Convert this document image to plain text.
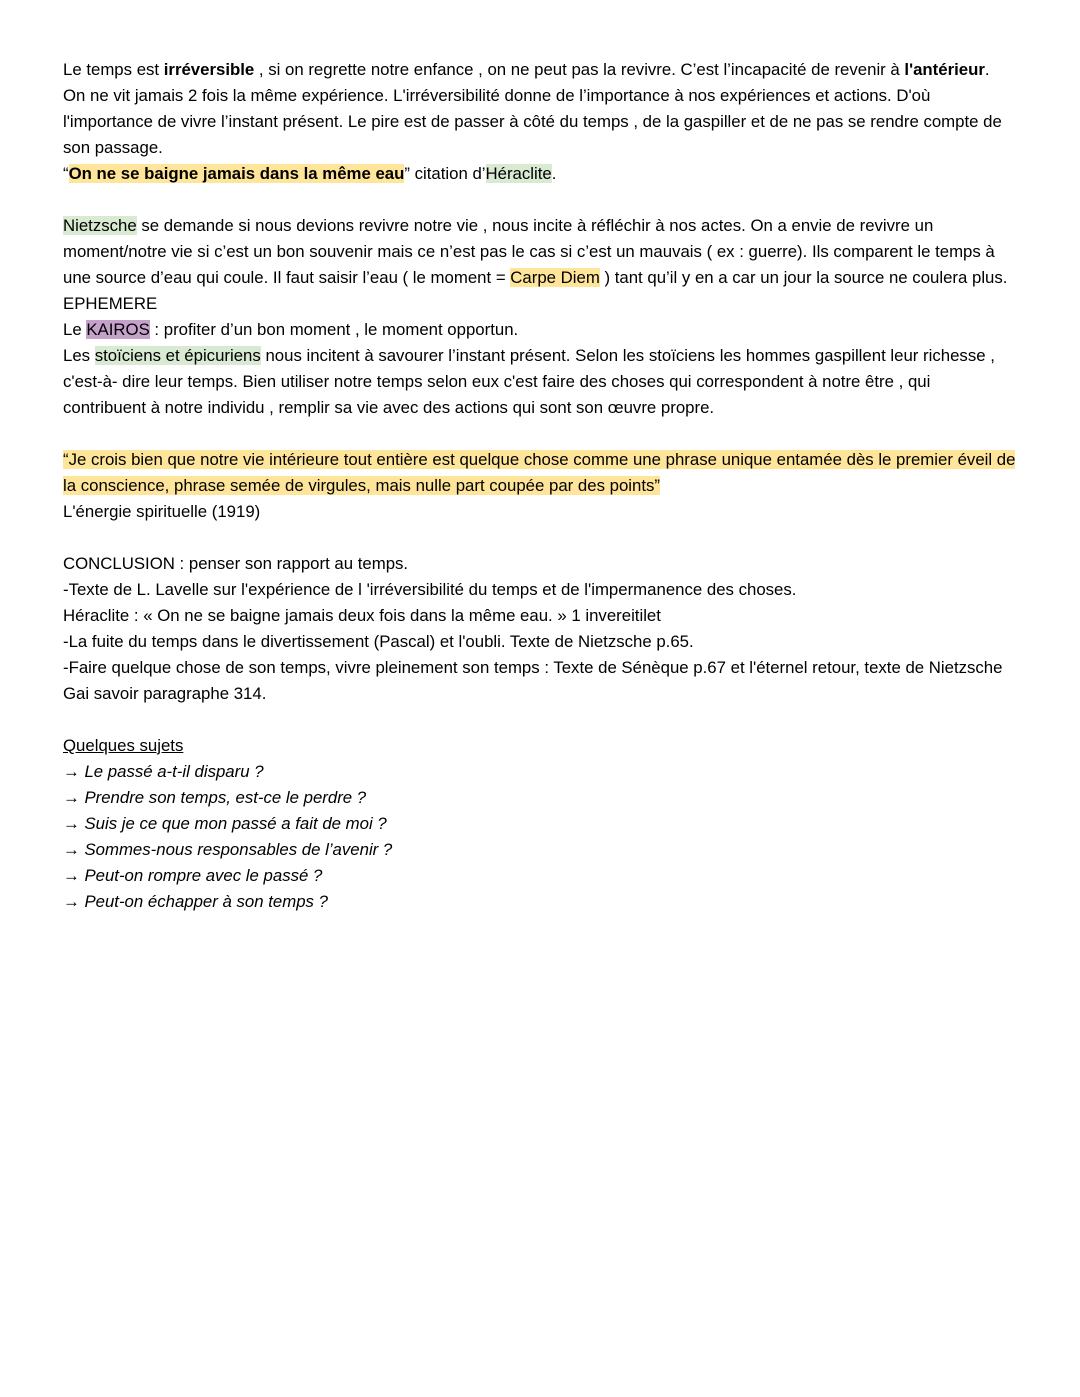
Le temps est irréversible , si on regrette notre enfance , on ne peut pas la revivre. C’est l’incapacité de revenir à l'antérieur. On ne vit jamais 2 fois la même expérience. L'irréversibilité donne de l’importance à nos expériences et actions. D'où l'importance de vivre l’instant présent. Le pire est de passer à côté du temps , de la gaspiller et de ne pas se rendre compte de son passage.
“On ne se baigne jamais dans la même eau” citation d’Héraclite.

Nietzsche se demande si nous devions revivre notre vie , nous incite à réfléchir à nos actes. On a envie de revivre un moment/notre vie si c’est un bon souvenir mais ce n’est pas le cas si c’est un mauvais ( ex : guerre). Ils comparent le temps à une source d’eau qui coule. Il faut saisir l’eau ( le moment = Carpe Diem ) tant qu’il y en a car un jour la source ne coulera plus. EPHEMERE
Le KAIROS : profiter d’un bon moment , le moment opportun.
Les stoïciens et épicuriens nous incitent à savourer l’instant présent. Selon les stoïciens les hommes gaspillent leur richesse , c'est-à- dire leur temps. Bien utiliser notre temps selon eux c'est faire des choses qui correspondent à notre être , qui contribuent à notre individu , remplir sa vie avec des actions qui sont son œuvre propre.

“Je crois bien que notre vie intérieure tout entière est quelque chose comme une phrase unique entamée dès le premier éveil de la conscience, phrase semée de virgules, mais nulle part coupée par des points”
L'énergie spirituelle (1919)

CONCLUSION : penser son rapport au temps.
-Texte de L. Lavelle sur l'expérience de l 'irréversibilité du temps et de l'impermanence des choses.
Héraclite : « On ne se baigne jamais deux fois dans la même eau. » 1 invereitilet
-La fuite du temps dans le divertissement (Pascal) et l'oubli. Texte de Nietzsche p.65.
-Faire quelque chose de son temps, vivre pleinement son temps : Texte de Sénèque p.67 et l'éternel retour, texte de Nietzsche Gai savoir paragraphe 314.

Quelques sujets
→ Le passé a-t-il disparu ?
→ Prendre son temps, est-ce le perdre ?
→ Suis je ce que mon passé a fait de moi ?
→ Sommes-nous responsables de l’avenir ?
→ Peut-on rompre avec le passé ?
→ Peut-on échapper à son temps ?
